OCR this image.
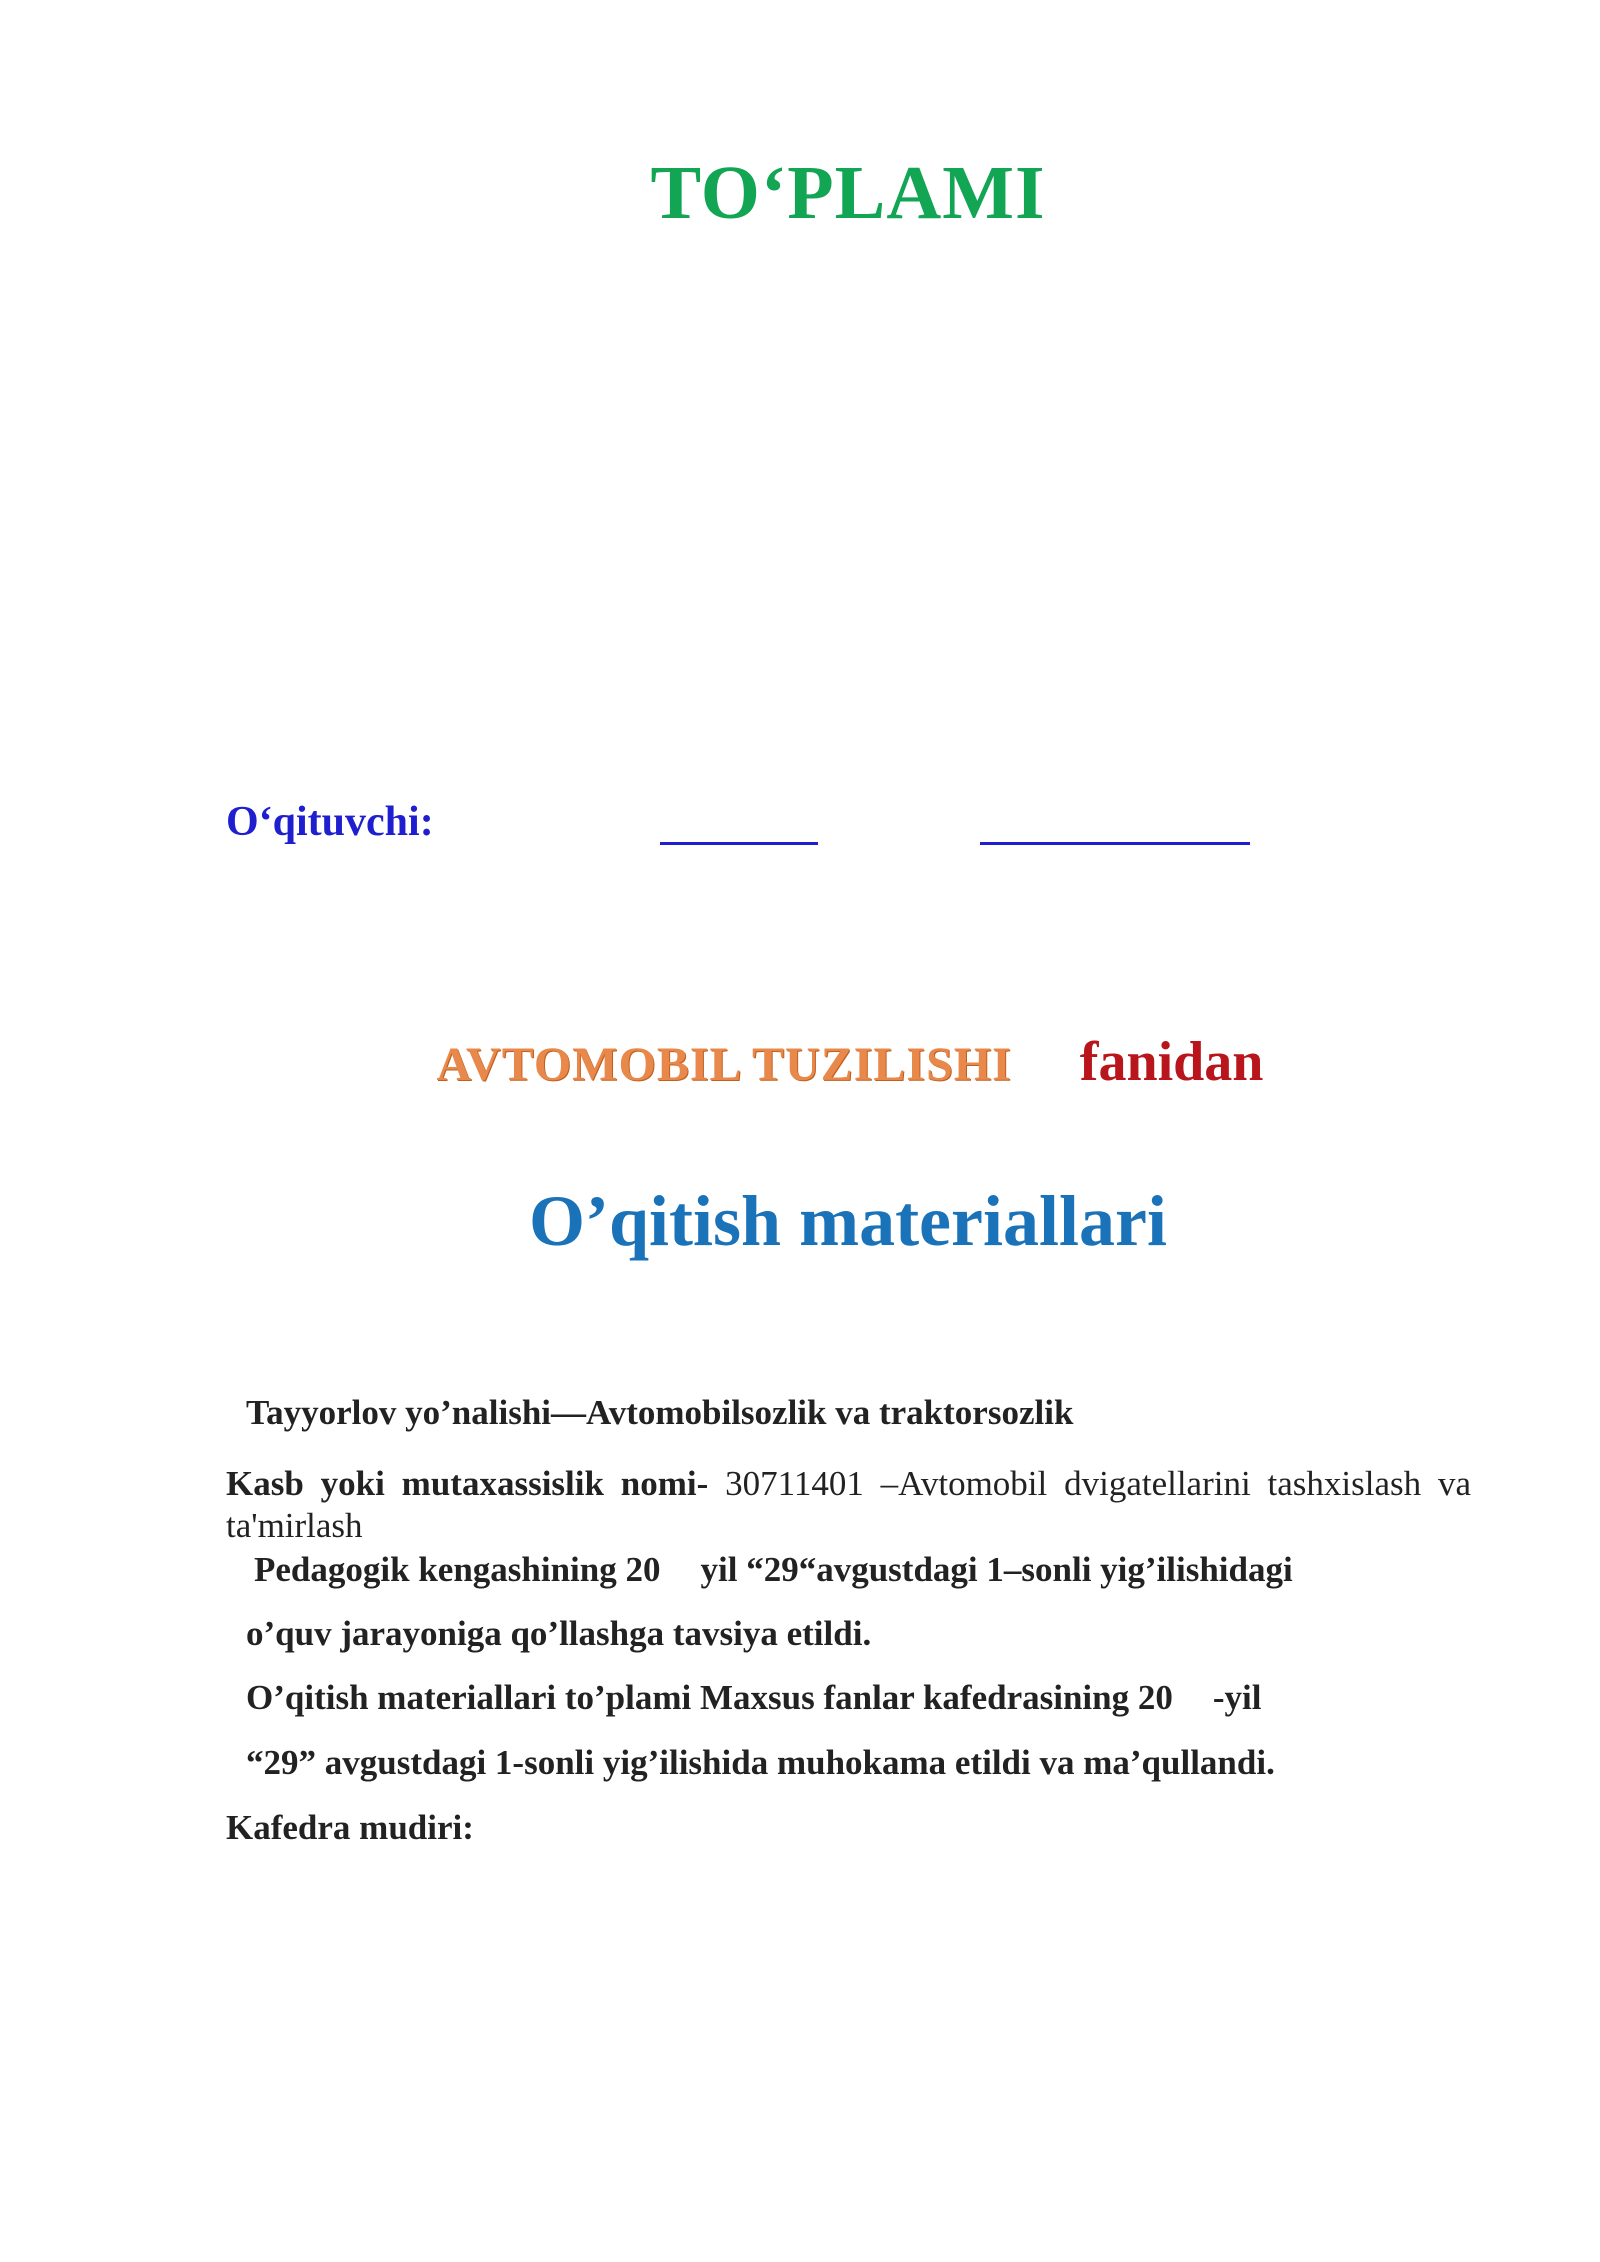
TO‘PLAMI
O‘qituvchi:
AVTOMOBIL TUZILISHI fanidan
O’qitish materiallari
Tayyorlov yo’nalishi—Avtomobilsozlik va traktorsozlik
Kasb yoki mutaxassislik nomi- 30711401 –Avtomobil dvigatellarini tashxislash va ta'mirlash
Pedagogik kengashining 20 yil “29“avgustdagi 1–sonli yig’ilishidagi
o’quv jarayoniga qo’llashga tavsiya etildi.
O’qitish materiallari to’plami Maxsus fanlar kafedrasining 20 -yil
“29” avgustdagi 1-sonli yig’ilishida muhokama etildi va ma’qullandi.
Kafedra mudiri:
